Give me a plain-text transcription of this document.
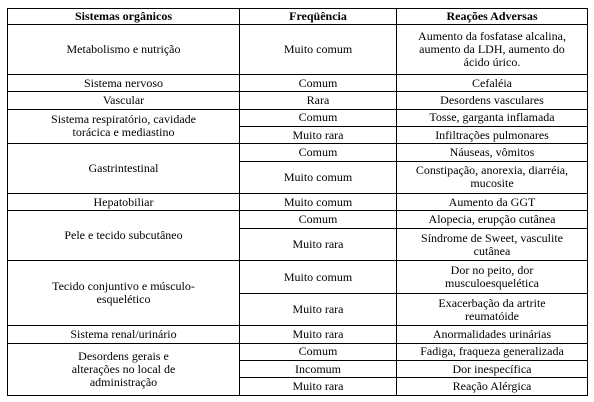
Sistemas orgânicos	Freqüência	Reações Adversas

Metabolismo e nutrição	Muito comum	Aumento da fosfatase alcalina,
aumento da LDH, aumento do
ácido úrico.

Sistema nervoso	Comum	Cefaléia

Vascular	Rara	Desordens vasculares

Sistema respiratório, cavidade
torácica e mediastino	Comum	Tosse, garganta inflamada

	Muito rara	Infiltrações pulmonares

Gastrintestinal	Comum	Náuseas, vômitos

	Muito comum	Constipação, anorexia, diarréia,
mucosite

Hepatobiliar	Muito comum	Aumento da GGT

Pele e tecido subcutâneo	Comum	Alopecia, erupção cutânea

	Muito rara	Síndrome de Sweet, vasculite
cutânea

Tecido conjuntivo e músculo-
esquelético	Muito comum	Dor no peito, dor
musculoesquelética

	Muito rara	Exacerbação da artrite
reumatóide

Sistema renal/urinário	Muito rara	Anormalidades urinárias

Desordens gerais e
alterações no local de
administração	Comum	Fadiga, fraqueza generalizada

	Incomum	Dor inespecífica

	Muito rara	Reação Alérgica
